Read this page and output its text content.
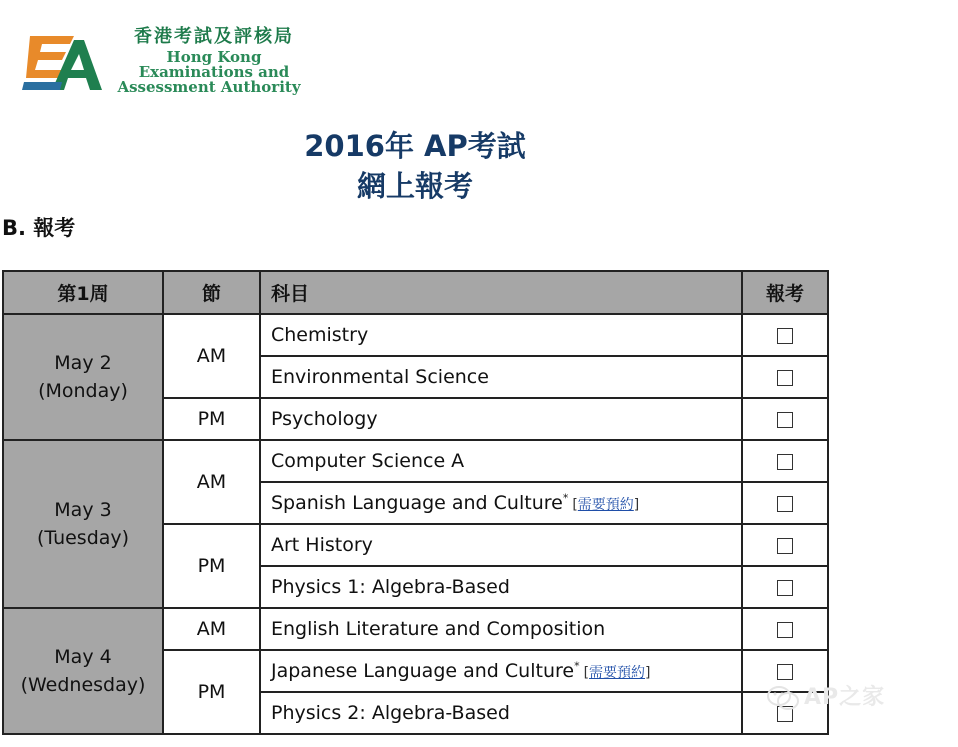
香港考試及評核局
Hong Kong
Examinations and
Assessment Authority
2016年 AP考試
網上報考
B. 報考
第1周	節	科目	報考

May 2
(Monday)	AM	Chemistry	
		Environmental Science	
	PM	Psychology	

May 3
(Tuesday)	AM	Computer Science A	
		Spanish Language and Culture* [需要預約]	
	PM	Art History	
		Physics 1: Algebra-Based	

May 4
(Wednesday)	AM	English Literature and Composition	
	PM	Japanese Language and Culture* [需要預約]	
		Physics 2: Algebra-Based	
AP之家
